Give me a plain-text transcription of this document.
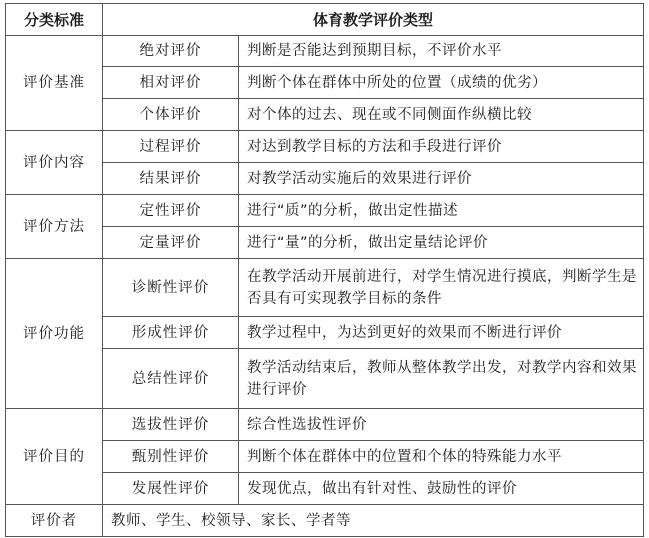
分类标准	体育教学评价类型	
评价基准	绝对评价	判断是否能达到预期目标，不评价水平
	相对评价	判断个体在群体中所处的位置（成绩的优劣）
	个体评价	对个体的过去、现在或不同侧面作纵横比较
评价内容	过程评价	对达到教学目标的方法和手段进行评价
	结果评价	对教学活动实施后的效果进行评价
评价方法	定性评价	进行“质”的分析，做出定性描述
	定量评价	进行“量”的分析，做出定量结论评价
评价功能	诊断性评价	在教学活动开展前进行，对学生情况进行摸底，判断学生是否具有可实现教学目标的条件
	形成性评价	教学过程中，为达到更好的效果而不断进行评价
	总结性评价	教学活动结束后，教师从整体教学出发，对教学内容和效果进行评价
评价目的	选拔性评价	综合性选拔性评价
	甄别性评价	判断个体在群体中的位置和个体的特殊能力水平
	发展性评价	发现优点，做出有针对性、鼓励性的评价
评价者	教师、学生、校领导、家长、学者等	
